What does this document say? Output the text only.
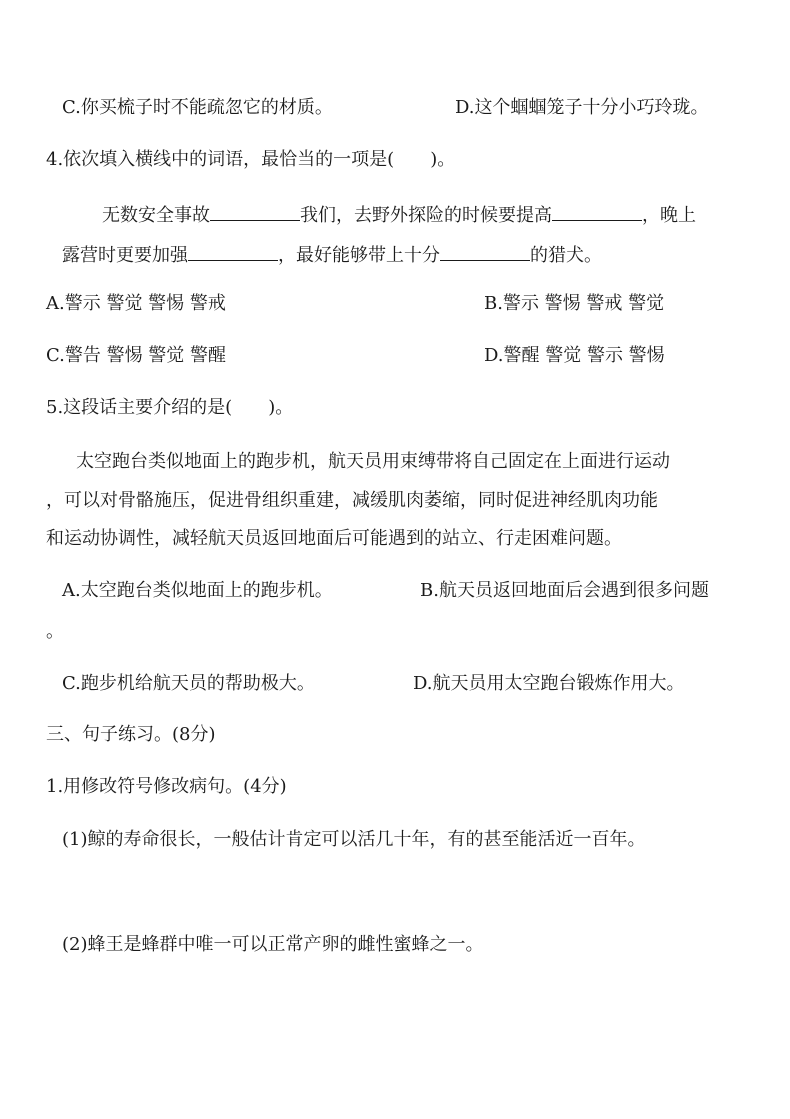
C.你买梳子时不能疏忽它的材质。	D.这个蝈蝈笼子十分小巧玲珑。
4.依次填入横线中的词语，最恰当的一项是(　　)。
无数安全事故	我们，去野外探险的时候要提高	，晚上
露营时更要加强	，最好能够带上十分	的猎犬。
A.警示 警觉 警惕 警戒	B.警示 警惕 警戒 警觉
C.警告 警惕 警觉 警醒	D.警醒 警觉 警示 警惕
5.这段话主要介绍的是(　　)。
太空跑台类似地面上的跑步机，航天员用束缚带将自己固定在上面进行运动
，可以对骨骼施压，促进骨组织重建，减缓肌肉萎缩，同时促进神经肌肉功能
和运动协调性，减轻航天员返回地面后可能遇到的站立、行走困难问题。
A.太空跑台类似地面上的跑步机。	B.航天员返回地面后会遇到很多问题
。
C.跑步机给航天员的帮助极大。	D.航天员用太空跑台锻炼作用大。
三、句子练习。(8分)
1.用修改符号修改病句。(4分)
(1)鲸的寿命很长，一般估计肯定可以活几十年，有的甚至能活近一百年。
(2)蜂王是蜂群中唯一可以正常产卵的雌性蜜蜂之一。
